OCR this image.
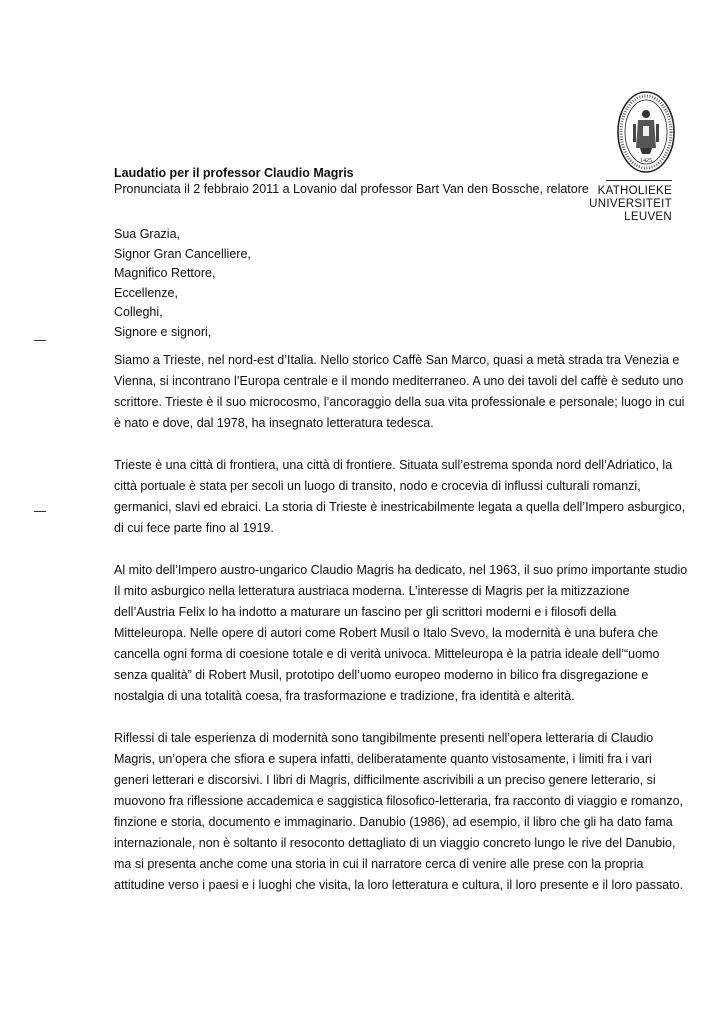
1425
KATHOLIEKE
UNIVERSITEIT
LEUVEN
Laudatio per il professor Claudio Magris
Pronunciata il 2 febbraio 2011 a Lovanio dal professor Bart Van den Bossche, relatore
Sua Grazia,
Signor Gran Cancelliere,
Magnifico Rettore,
Eccellenze,
Colleghi,
Signore e signori,

Siamo a Trieste, nel nord-est d’Italia. Nello storico Caffè San Marco, quasi a metà strada tra Venezia e
Vienna, si incontrano l’Europa centrale e il mondo mediterraneo. A uno dei tavoli del caffè è seduto uno
scrittore. Trieste è il suo microcosmo, l’ancoraggio della sua vita professionale e personale; luogo in cui
è nato e dove, dal 1978, ha insegnato letteratura tedesca.

Trieste è una città di frontiera, una città di frontiere. Situata sull’estrema sponda nord dell’Adriatico, la
città portuale è stata per secoli un luogo di transito, nodo e crocevia di influssi culturali romanzi,
germanici, slavi ed ebraici. La storia di Trieste è inestricabilmente legata a quella dell’Impero asburgico,
di cui fece parte fino al 1919.

Al mito dell’Impero austro-ungarico Claudio Magris ha dedicato, nel 1963, il suo primo importante studio
Il mito asburgico nella letteratura austriaca moderna. L’interesse di Magris per la mitizzazione
dell’Austria Felix lo ha indotto a maturare un fascino per gli scrittori moderni e i filosofi della
Mitteleuropa. Nelle opere di autori come Robert Musil o Italo Svevo, la modernità è una bufera che
cancella ogni forma di coesione totale e di verità univoca. Mitteleuropa è la patria ideale dell’“uomo
senza qualità” di Robert Musil, prototipo dell’uomo europeo moderno in bilico fra disgregazione e
nostalgia di una totalità coesa, fra trasformazione e tradizione, fra identità e alterità.

Riflessi di tale esperienza di modernità sono tangibilmente presenti nell’opera letteraria di Claudio
Magris, un’opera che sfiora e supera infatti, deliberatamente quanto vistosamente, i limiti fra i vari
generi letterari e discorsivi. I libri di Magris, difficilmente ascrivibili a un preciso genere letterario, si
muovono fra riflessione accademica e saggistica filosofico-letteraria, fra racconto di viaggio e romanzo,
finzione e storia, documento e immaginario. Danubio (1986), ad esempio, il libro che gli ha dato fama
internazionale, non è soltanto il resoconto dettagliato di un viaggio concreto lungo le rive del Danubio,
ma si presenta anche come una storia in cui il narratore cerca di venire alle prese con la propria
attitudine verso i paesi e i luoghi che visita, la loro letteratura e cultura, il loro presente e il loro passato.
